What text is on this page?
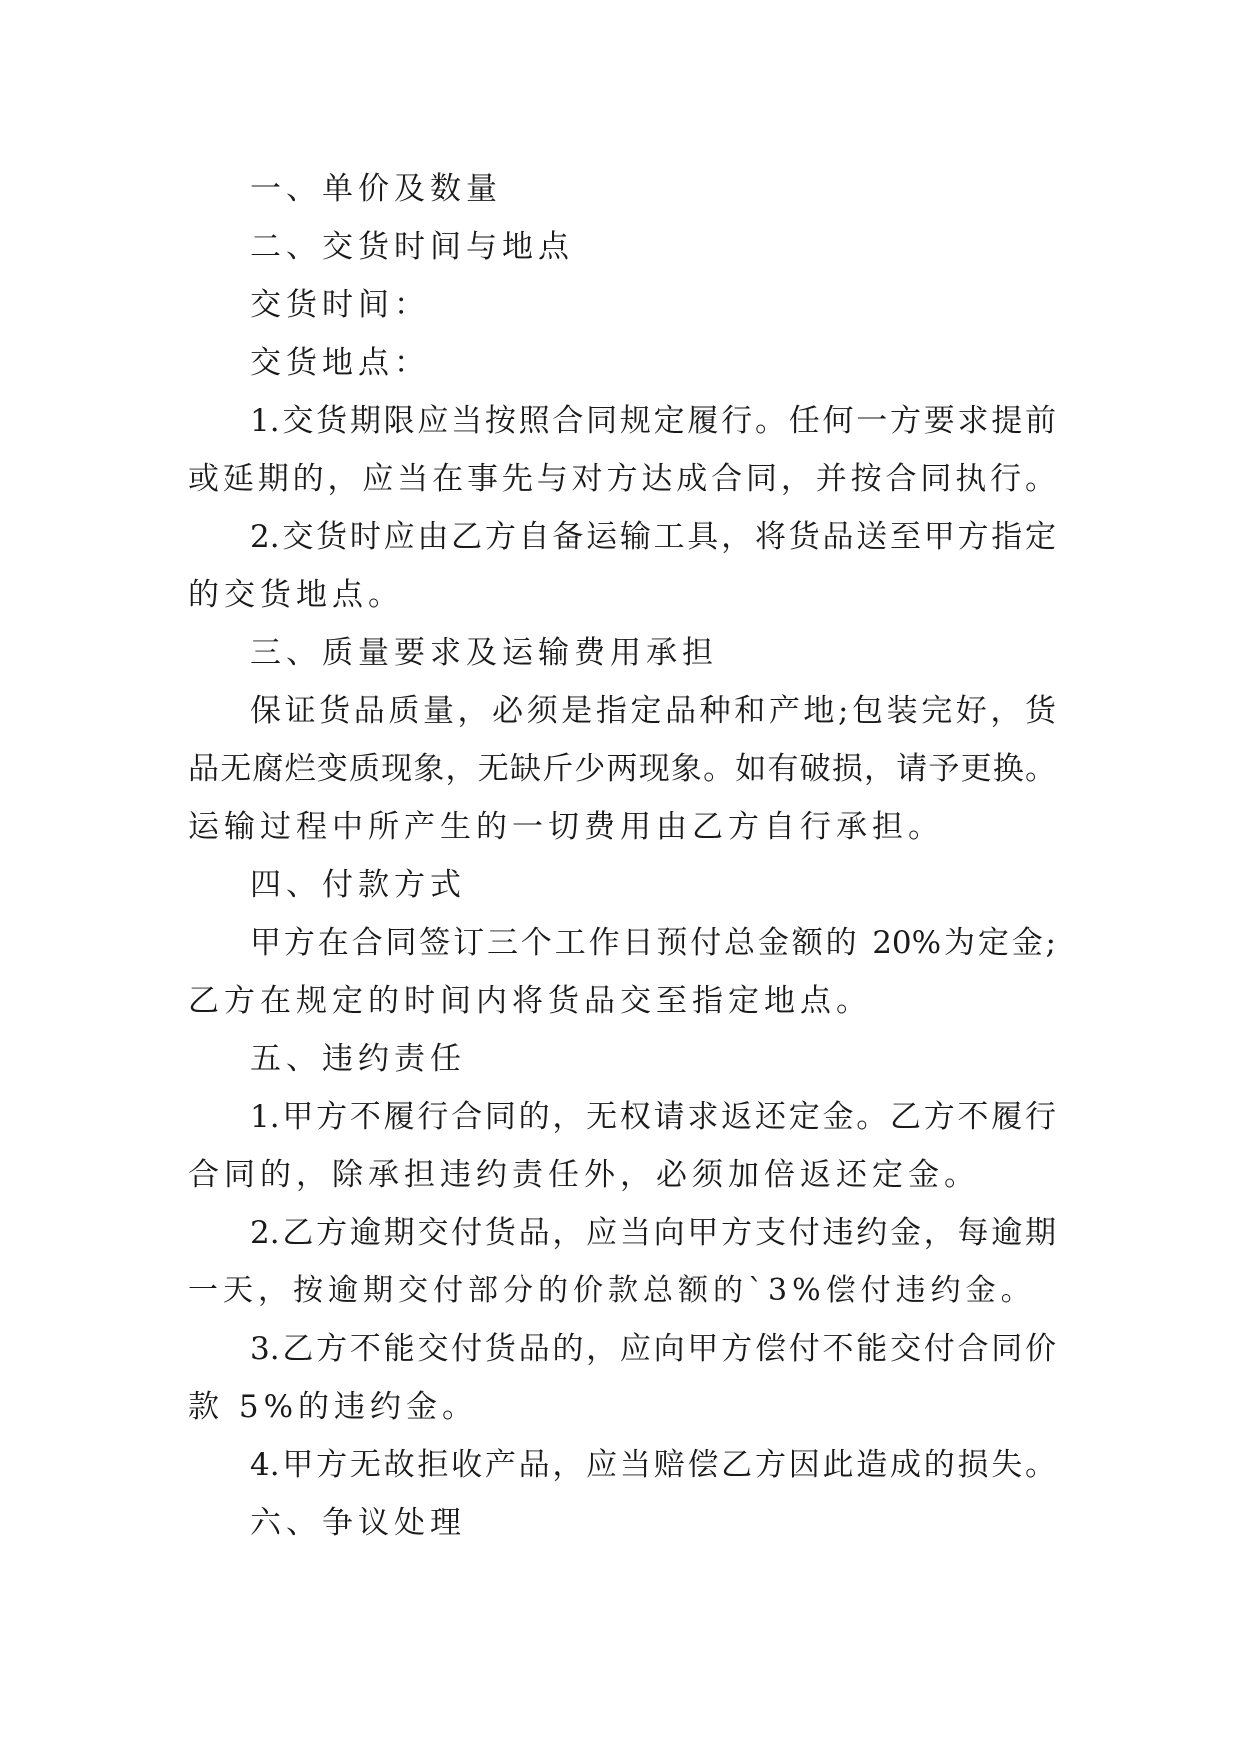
一、单价及数量
二、交货时间与地点
交货时间：
交货地点：
1.交货期限应当按照合同规定履行。任何一方要求提前
或延期的，应当在事先与对方达成合同，并按合同执行。
2.交货时应由乙方自备运输工具，将货品送至甲方指定
的交货地点。
三、质量要求及运输费用承担
保证货品质量，必须是指定品种和产地;包装完好，货
品无腐烂变质现象，无缺斤少两现象。如有破损，请予更换。
运输过程中所产生的一切费用由乙方自行承担。
四、付款方式
甲方在合同签订三个工作日预付总金额的 20%为定金;
乙方在规定的时间内将货品交至指定地点。
五、违约责任
1.甲方不履行合同的，无权请求返还定金。乙方不履行
合同的，除承担违约责任外，必须加倍返还定金。
2.乙方逾期交付货品，应当向甲方支付违约金，每逾期
一天，按逾期交付部分的价款总额的`3%偿付违约金。
3.乙方不能交付货品的，应向甲方偿付不能交付合同价
款 5%的违约金。
4.甲方无故拒收产品，应当赔偿乙方因此造成的损失。
六、争议处理
